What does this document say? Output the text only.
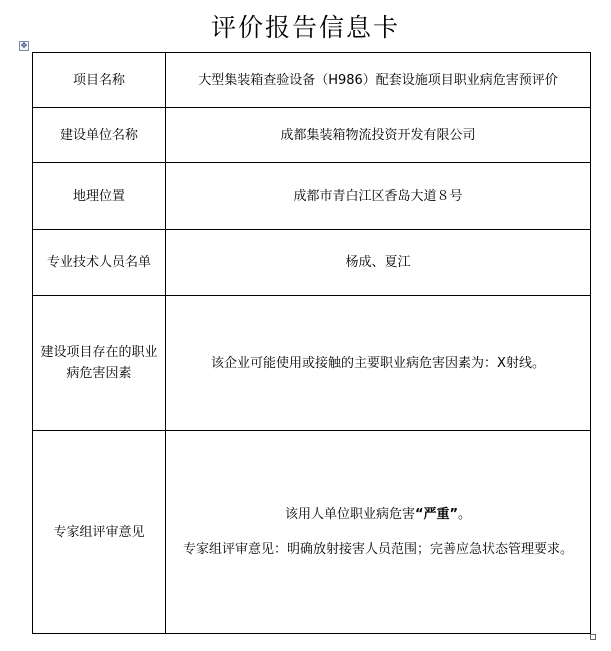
评价报告信息卡
✥
项目名称	大型集装箱查验设备（H986）配套设施项目职业病危害预评价
建设单位名称	成都集装箱物流投资开发有限公司
地理位置	成都市青白江区香岛大道８号
专业技术人员名单	杨成、夏江
建设项目存在的职业病危害因素	该企业可能使用或接触的主要职业病危害因素为：X射线。
专家组评审意见	该用人单位职业病危害“严重”。

专家组评审意见：明确放射接害人员范围；完善应急状态管理要求。
